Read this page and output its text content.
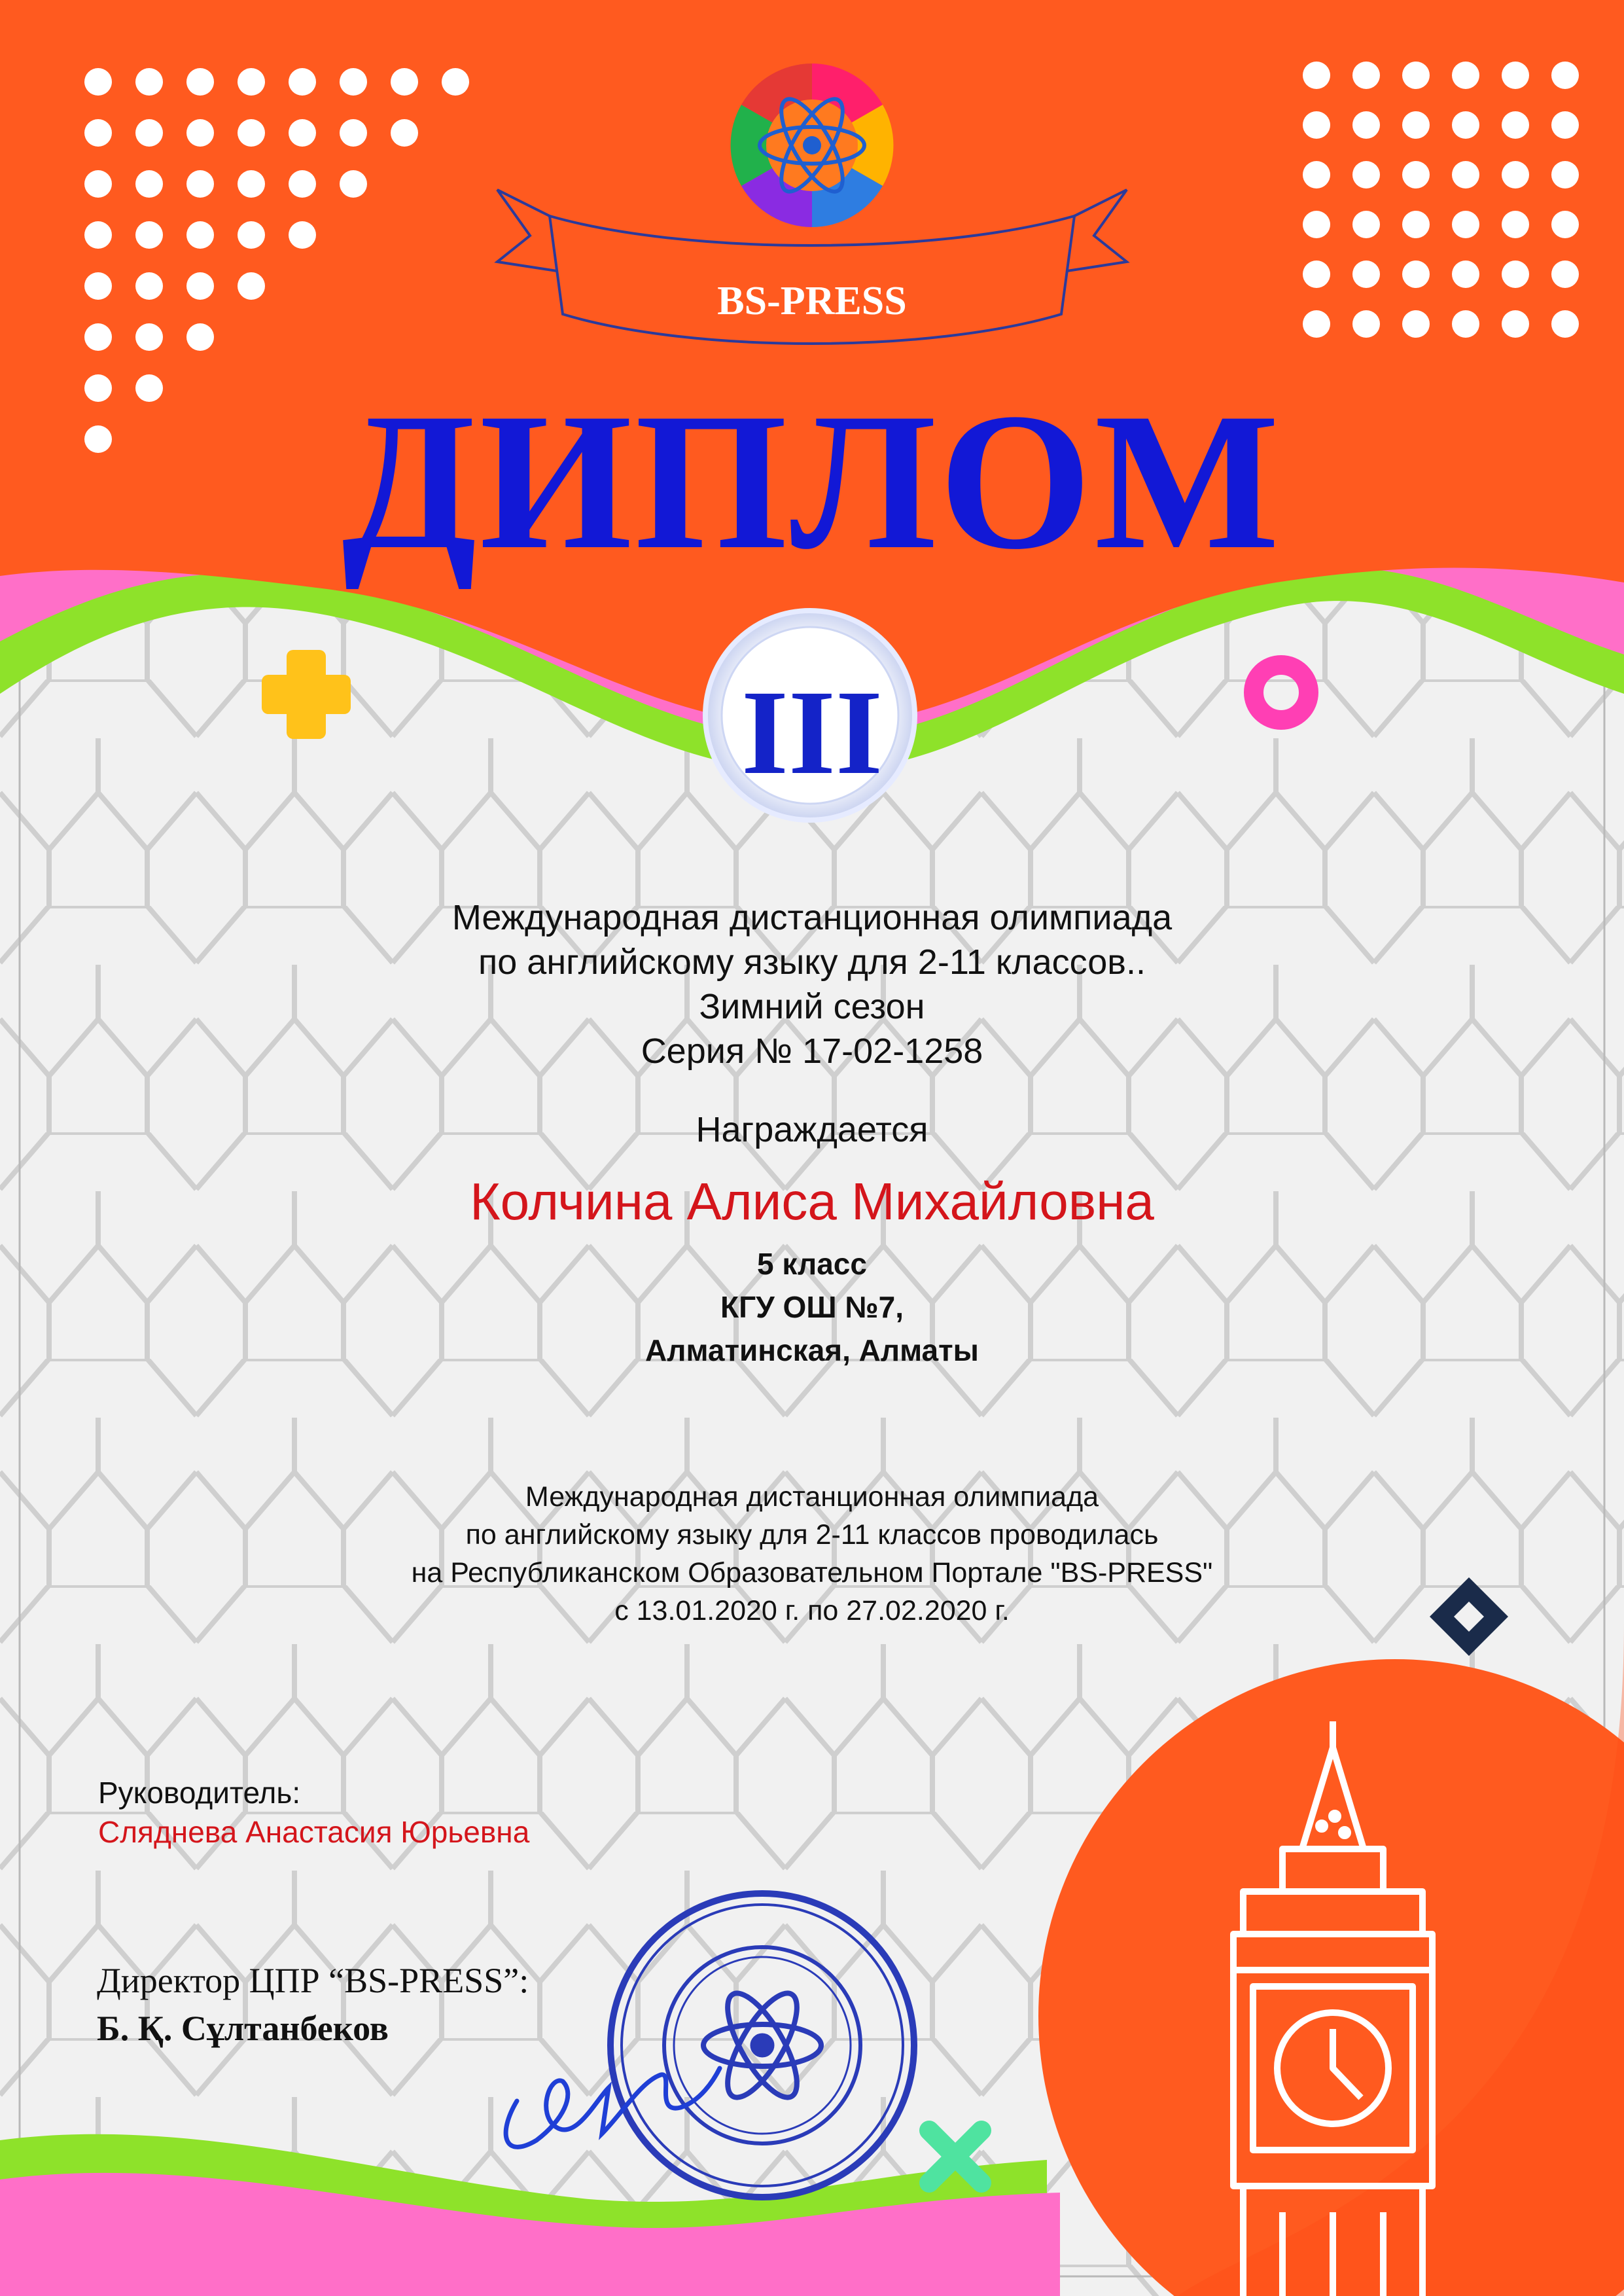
BS-PRESS
ДИПЛОМ
III
Международная дистанционная олимпиада
по английскому языку для 2-11 классов..
Зимний сезон
Серия № 17-02-1258
Награждается
Колчина Алиса Михайловна
5 класс
КГУ ОШ №7,
Алматинская, Алматы
Международная дистанционная олимпиада
по английскому языку для 2-11 классов проводилась
на Республиканском Образовательном Портале "BS-PRESS"
с 13.01.2020 г. по 27.02.2020 г.
Руководитель:
Сляднева Анастасия Юрьевна
Директор ЦПР “BS-PRESS”:
Б. Қ. Сұлтанбеков
